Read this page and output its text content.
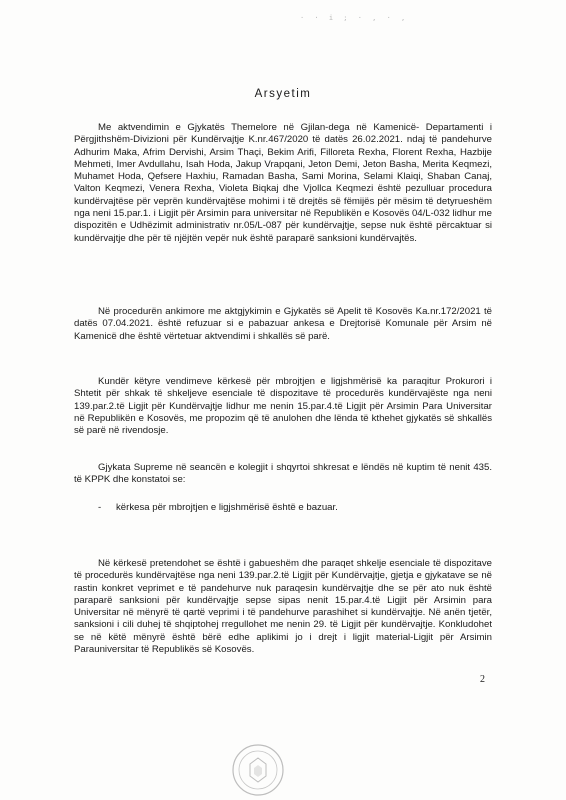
· · i ; · , · ,
Arsyetim

Me aktvendimin e Gjykatës Themelore në Gjilan-dega në Kamenicë- Departamenti i Përgjithshëm-Divizioni për Kundërvajtje K.nr.467/2020 të datës 26.02.2021. ndaj të pandehurve Adhurim Maka, Afrim Dervishi, Arsim Thaçi, Bekim Arifi, Filloreta Rexha, Florent Rexha, Hazbije Mehmeti, Imer Avdullahu, Isah Hoda, Jakup Vrapqani, Jeton Demi, Jeton Basha, Merita Keqmezi, Muhamet Hoda, Qefsere Haxhiu, Ramadan Basha, Sami Morina, Selami Klaiqi, Shaban Canaj, Valton Keqmezi, Venera Rexha, Violeta Biqkaj dhe Vjollca Keqmezi është pezulluar procedura kundërvajtëse për veprën kundërvajtëse mohimi i të drejtës së fëmijës për mësim të detyrueshëm nga neni 15.par.1. i Ligjit për Arsimin para universitar në Republikën e Kosovës 04/L-032 lidhur me dispozitën e Udhëzimit administrativ nr.05/L-087 për kundërvajtje, sepse nuk është përcaktuar si kundërvajtje dhe për të njëjtën vepër nuk është paraparë sanksioni kundërvajtës.

Në procedurën ankimore me aktgjykimin e Gjykatës së Apelit të Kosovës Ka.nr.172/2021 të datës 07.04.2021. është refuzuar si e pabazuar ankesa e Drejtorisë Komunale për Arsim në Kamenicë dhe është vërtetuar aktvendimi i shkallës së parë.

Kundër këtyre vendimeve kërkesë për mbrojtjen e ligjshmërisë ka paraqitur Prokurori i Shtetit për shkak të shkeljeve esenciale të dispozitave të procedurës kundërvajëste nga neni 139.par.2.të Ligjit për Kundërvajtje lidhur me nenin 15.par.4.të Ligjit për Arsimin Para Universitar në Republikën e Kosovës, me propozim që të anulohen dhe lënda të kthehet gjykatës së shkallës së parë në rivendosje.

Gjykata Supreme në seancën e kolegjit i shqyrtoi shkresat e lëndës në kuptim të nenit 435. të KPPK dhe konstatoi se:

- kërkesa për mbrojtjen e ligjshmërisë është e bazuar.

Në kërkesë pretendohet se është i gabueshëm dhe paraqet shkelje esenciale të dispozitave të procedurës kundërvajtëse nga neni 139.par.2.të Ligjit për Kundërvajtje, gjetja e gjykatave se në rastin konkret veprimet e të pandehurve nuk paraqesin kundërvajtje dhe se për ato nuk është paraparë sanksioni për kundërvajtje sepse sipas nenit 15.par.4.të Ligjit për Arsimin para Universitar në mënyrë të qartë veprimi i të pandehurve parashihet si kundërvajtje. Në anën tjetër, sanksioni i cili duhej të shqiptohej rregullohet me nenin 29. të Ligjit për kundërvajtje. Konkludohet se në këtë mënyrë është bërë edhe aplikimi jo i drejt i ligjit material-Ligjit për Arsimin Parauniversitar të Republikës së Kosovës.

2
